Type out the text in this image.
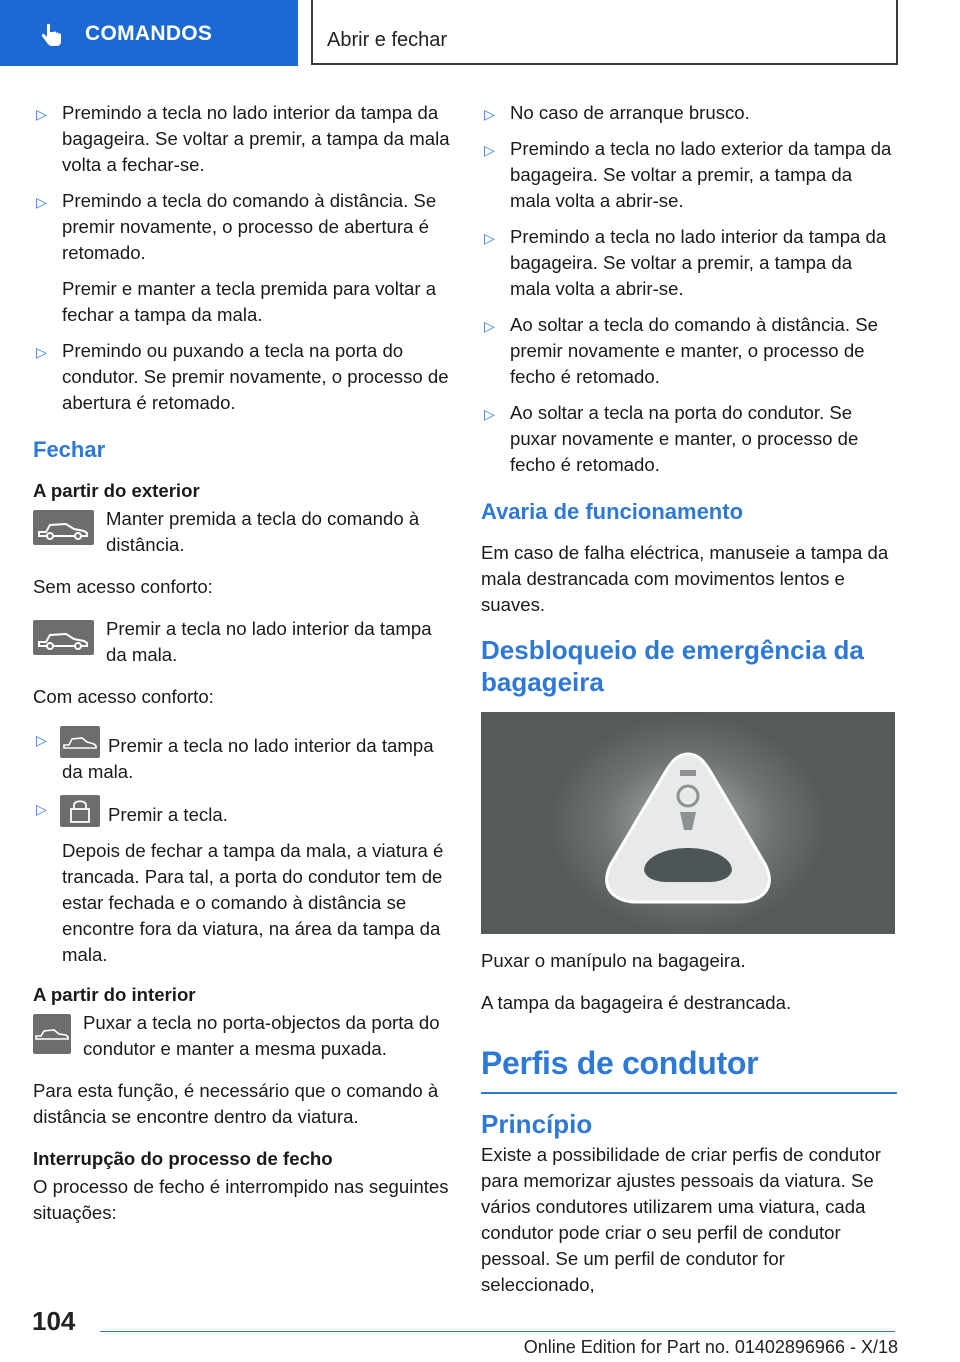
COMANDOS	Abrir e fechar
▷ Premindo a tecla no lado interior da tampa da bagageira. Se voltar a premir, a tampa da mala volta a fechar-se.
▷ Premindo a tecla do comando à distância. Se premir novamente, o processo de abertura é retomado.
Premir e manter a tecla premida para voltar a fechar a tampa da mala.
▷ Premindo ou puxando a tecla na porta do condutor. Se premir novamente, o processo de abertura é retomado.
Fechar
A partir do exterior
Manter premida a tecla do comando à distância.

Sem acesso conforto:

Premir a tecla no lado interior da tampa da mala.

Com acesso conforto:

▷	Premir a tecla no lado interior da tampa da mala.
▷	Premir a tecla.
Depois de fechar a tampa da mala, a viatura é trancada. Para tal, a porta do condutor tem de estar fechada e o comando à distância se encontre fora da viatura, na área da tampa da mala.
A partir do interior
Puxar a tecla no porta-objectos da porta do condutor e manter a mesma puxada.

Para esta função, é necessário que o comando à distância se encontre dentro da viatura.

Interrupção do processo de fecho

O processo de fecho é interrompido nas seguintes situações:

▷ No caso de arranque brusco.
▷ Premindo a tecla no lado exterior da tampa da bagageira. Se voltar a premir, a tampa da mala volta a abrir-se.
▷ Premindo a tecla no lado interior da tampa da bagageira. Se voltar a premir, a tampa da mala volta a abrir-se.
▷ Ao soltar a tecla do comando à distância. Se premir novamente e manter, o processo de fecho é retomado.
▷ Ao soltar a tecla na porta do condutor. Se puxar novamente e manter, o processo de fecho é retomado.
Avaria de funcionamento

Em caso de falha eléctrica, manuseie a tampa da mala destrancada com movimentos lentos e suaves.

Desbloqueio de emergência da bagageira

Puxar o manípulo na bagageira.

A tampa da bagageira é destrancada.

Perfis de condutor
Princípio

Existe a possibilidade de criar perfis de condutor para memorizar ajustes pessoais da viatura. Se vários condutores utilizarem uma viatura, cada condutor pode criar o seu perfil de condutor pessoal. Se um perfil de condutor for seleccionado,

104
Online Edition for Part no. 01402896966 - X/18
